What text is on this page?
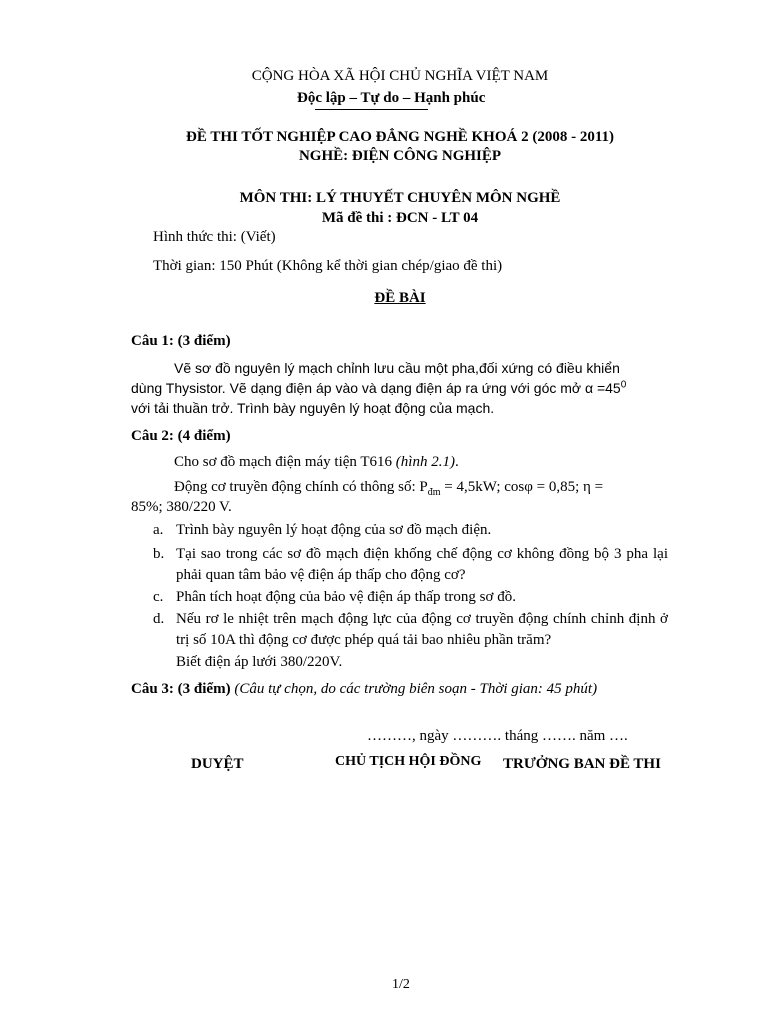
CỘNG HÒA XÃ HỘI CHỦ NGHĨA VIỆT NAM
Độc lập – Tự do – Hạnh phúc
ĐỀ THI TỐT NGHIỆP CAO ĐẲNG NGHỀ KHOÁ 2 (2008 - 2011)
NGHỀ: ĐIỆN CÔNG NGHIỆP
MÔN THI: LÝ THUYẾT CHUYÊN MÔN NGHỀ
Mã đề thi : ĐCN - LT 04
Hình thức thi: (Viết)
Thời gian: 150 Phút (Không kể thời gian chép/giao đề thi)
ĐỀ BÀI
Câu 1: (3 điểm)
Vẽ sơ đồ nguyên lý mạch chỉnh lưu cầu một pha,đối xứng có điều khiển
dùng Thysistor. Vẽ dạng điện áp vào và dạng điện áp ra ứng với góc mở $\alpha =45^0$
với tải thuần trở. Trình bày nguyên lý hoạt động của mạch.
Câu 2: (4 điểm)
Cho sơ đồ mạch điện máy tiện T616 (hình 2.1).
Động cơ truyền động chính có thông số: $P_{đm} = 4,5kW$; cosφ = 0,85; η =
85%; 380/220 V.
a. Trình bày nguyên lý hoạt động của sơ đồ mạch điện.
b. Tại sao trong các sơ đồ mạch điện khống chế động cơ không đồng bộ 3 pha lại phải quan tâm bảo vệ điện áp thấp cho động cơ?
c. Phân tích hoạt động của bảo vệ điện áp thấp trong sơ đồ.
d. Nếu rơ le nhiệt trên mạch động lực của động cơ truyền động chính chỉnh định ở trị số 10A thì động cơ được phép quá tải bao nhiêu phần trăm?
Biết điện áp lưới 380/220V.
Câu 3: (3 điểm) (Câu tự chọn, do các trường biên soạn - Thời gian: 45 phút)
………, ngày ………. tháng ……. năm ….
DUYỆT	CHỦ TỊCH HỘI ĐỒNG TRƯỞNG BAN ĐỀ THI
1/2
